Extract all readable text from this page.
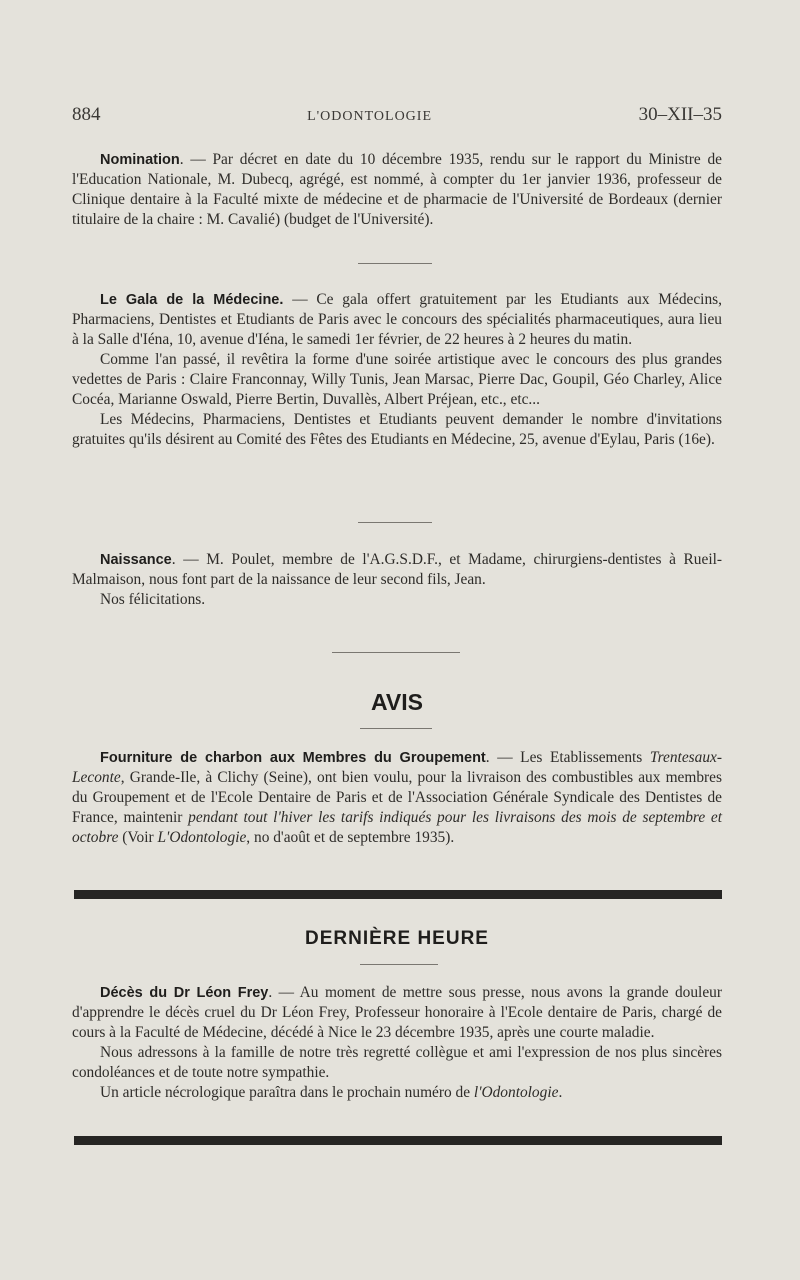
884	L'ODONTOLOGIE	30–XII–35

Nomination. — Par décret en date du 10 décembre 1935, rendu sur le rapport du Ministre de l'Education Nationale, M. Dubecq, agrégé, est nommé, à compter du 1er janvier 1936, professeur de Clinique dentaire à la Faculté mixte de médecine et de pharmacie de l'Université de Bordeaux (dernier titulaire de la chaire : M. Cavalié) (budget de l'Université).

Le Gala de la Médecine. — Ce gala offert gratuitement par les Etudiants aux Médecins, Pharmaciens, Dentistes et Etudiants de Paris avec le concours des spécialités pharmaceutiques, aura lieu à la Salle d'Iéna, 10, avenue d'Iéna, le samedi 1er février, de 22 heures à 2 heures du matin.

Comme l'an passé, il revêtira la forme d'une soirée artistique avec le concours des plus grandes vedettes de Paris : Claire Franconnay, Willy Tunis, Jean Marsac, Pierre Dac, Goupil, Géo Charley, Alice Cocéa, Marianne Oswald, Pierre Bertin, Duvallès, Albert Préjean, etc., etc...

Les Médecins, Pharmaciens, Dentistes et Etudiants peuvent demander le nombre d'invitations gratuites qu'ils désirent au Comité des Fêtes des Etudiants en Médecine, 25, avenue d'Eylau, Paris (16e).

Naissance. — M. Poulet, membre de l'A.G.S.D.F., et Madame, chirurgiens-dentistes à Rueil-Malmaison, nous font part de la naissance de leur second fils, Jean.

Nos félicitations.

AVIS

Fourniture de charbon aux Membres du Groupement. — Les Etablissements Trentesaux-Leconte, Grande-Ile, à Clichy (Seine), ont bien voulu, pour la livraison des combustibles aux membres du Groupement et de l'Ecole Dentaire de Paris et de l'Association Générale Syndicale des Dentistes de France, maintenir pendant tout l'hiver les tarifs indiqués pour les livraisons des mois de septembre et octobre (Voir L'Odontologie, no d'août et de septembre 1935).

DERNIÈRE HEURE

Décès du Dr Léon Frey. — Au moment de mettre sous presse, nous avons la grande douleur d'apprendre le décès cruel du Dr Léon Frey, Professeur honoraire à l'Ecole dentaire de Paris, chargé de cours à la Faculté de Médecine, décédé à Nice le 23 décembre 1935, après une courte maladie.

Nous adressons à la famille de notre très regretté collègue et ami l'expression de nos plus sincères condoléances et de toute notre sympathie.

Un article nécrologique paraîtra dans le prochain numéro de l'Odontologie.
